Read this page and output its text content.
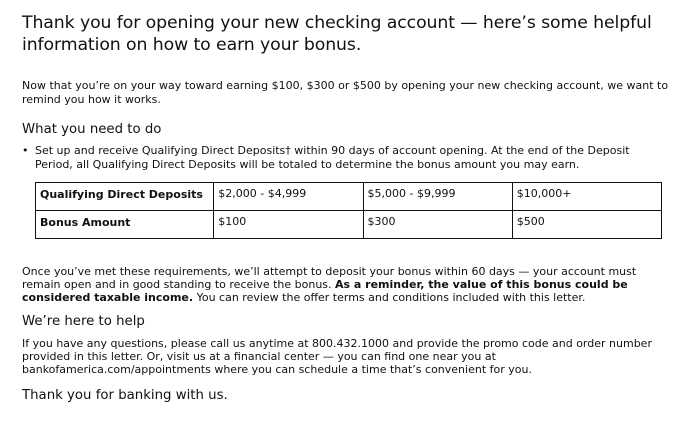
Thank you for opening your new checking account — here’s some helpful information on how to earn your bonus.

Now that you’re on your way toward earning $100, $300 or $500 by opening your new checking account, we want to remind you how it works.

What you need to do
• Set up and receive Qualifying Direct Deposits† within 90 days of account opening. At the end of the Deposit Period, all Qualifying Direct Deposits will be totaled to determine the bonus amount you may earn.
Qualifying Direct Deposits	$2,000 - $4,999	$5,000 - $9,999	$10,000+
Bonus Amount	$100	$300	$500

Once you’ve met these requirements, we’ll attempt to deposit your bonus within 60 days — your account must remain open and in good standing to receive the bonus. As a reminder, the value of this bonus could be considered taxable income. You can review the offer terms and conditions included with this letter.

We’re here to help

If you have any questions, please call us anytime at 800.432.1000 and provide the promo code and order number provided in this letter. Or, visit us at a financial center — you can find one near you at bankofamerica.com/appointments where you can schedule a time that’s convenient for you.

Thank you for banking with us.
